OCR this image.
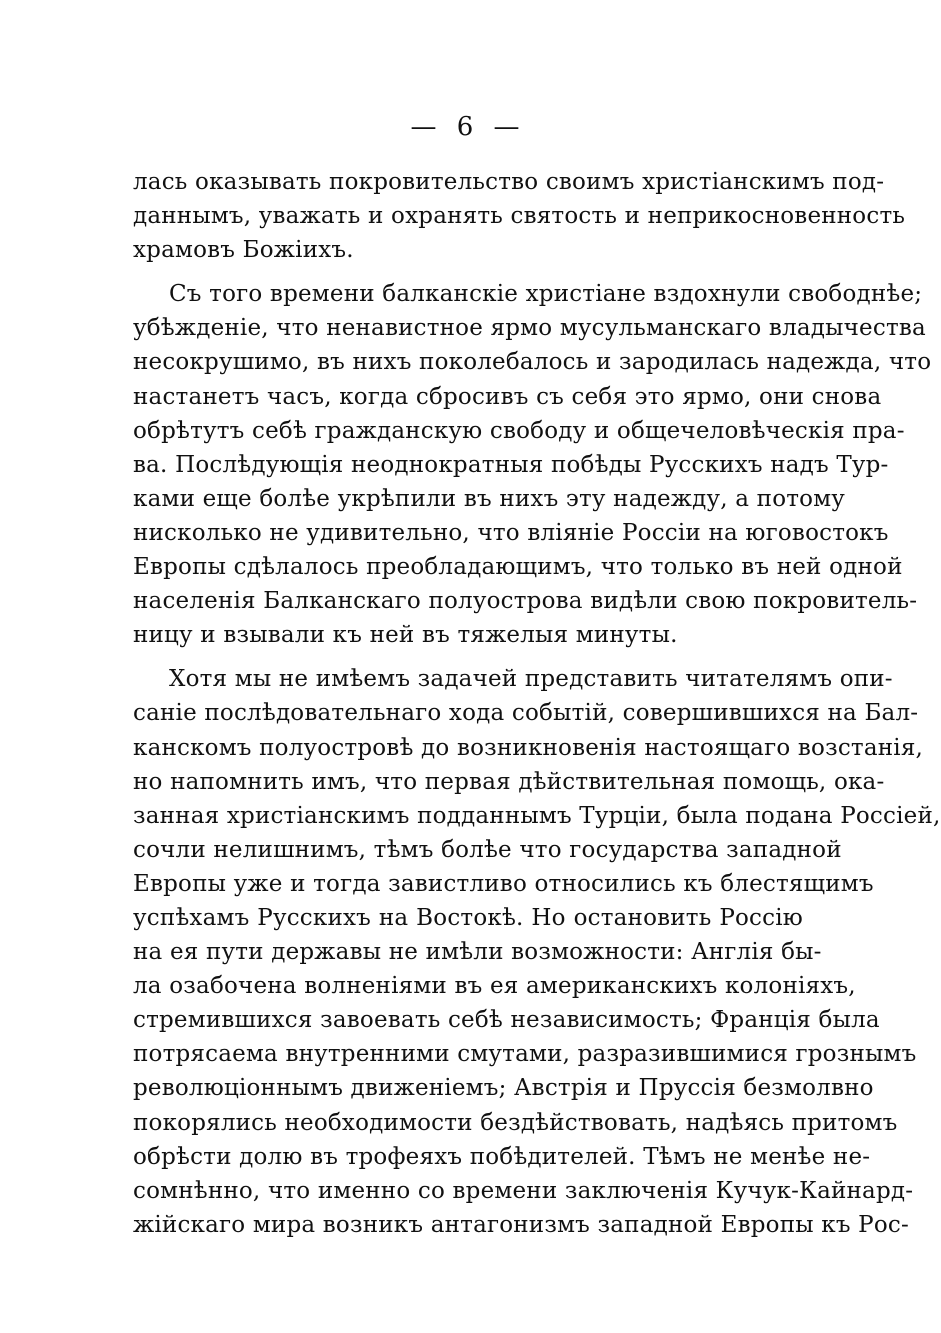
— 6 —
лась оказывать покровительство своимъ христіанскимъ под-
даннымъ, уважать и охранять святость и неприкосновенность
храмовъ Божіихъ.
Съ того времени балканскіе христiане вздохнули свободнѣе;
убѣжденіе, что ненавистное ярмо мусульманскаго владычества
несокрушимо, въ нихъ поколебалось и зародилась надежда, что
настанетъ часъ, когда сбросивъ съ себя это ярмо, они снова
обрѣтутъ себѣ гражданскую свободу и общечеловѣческія пра-
ва. Послѣдующія неоднократныя побѣды Русскихъ надъ Тур-
ками еще болѣе укрѣпили въ нихъ эту надежду, а потому
нисколько не удивительно, что вліяніе Россіи на юговостокъ
Европы сдѣлалось преобладающимъ, что только въ ней одной
населенія Балканскаго полуострова видѣли свою покровитель-
ницу и взывали къ ней въ тяжелыя минуты.
Хотя мы не имѣемъ задачей представить читателямъ опи-
саніе послѣдовательнаго хода событій, совершившихся на Бал-
канскомъ полуостровѣ до возникновенія настоящаго возстанія,
но напомнить имъ, что первая дѣйствительная помощь, ока-
занная христіанскимъ подданнымъ Турціи, была подана Россіей,
сочли нелишнимъ, тѣмъ болѣе что государства западной
Европы уже и тогда завистливо относились къ блестящимъ
успѣхамъ Русскихъ на Востокѣ. Но остановить Россію
на ея пути державы не имѣли возможности: Англія бы-
ла озабочена волненіями въ ея американскихъ колоніяхъ,
стремившихся завоевать себѣ независимость; Франція была
потрясаема внутренними смутами, разразившимися грознымъ
революціоннымъ движеніемъ; Австрія и Пруссія безмолвно
покорялись необходимости бездѣйствовать, надѣясь притомъ
обрѣсти долю въ трофеяхъ побѣдителей. Тѣмъ не менѣе не-
сомнѣнно, что именно со времени заключенія Кучук-Кайнард-
жійскаго мира возникъ антагонизмъ западной Европы къ Рос-
